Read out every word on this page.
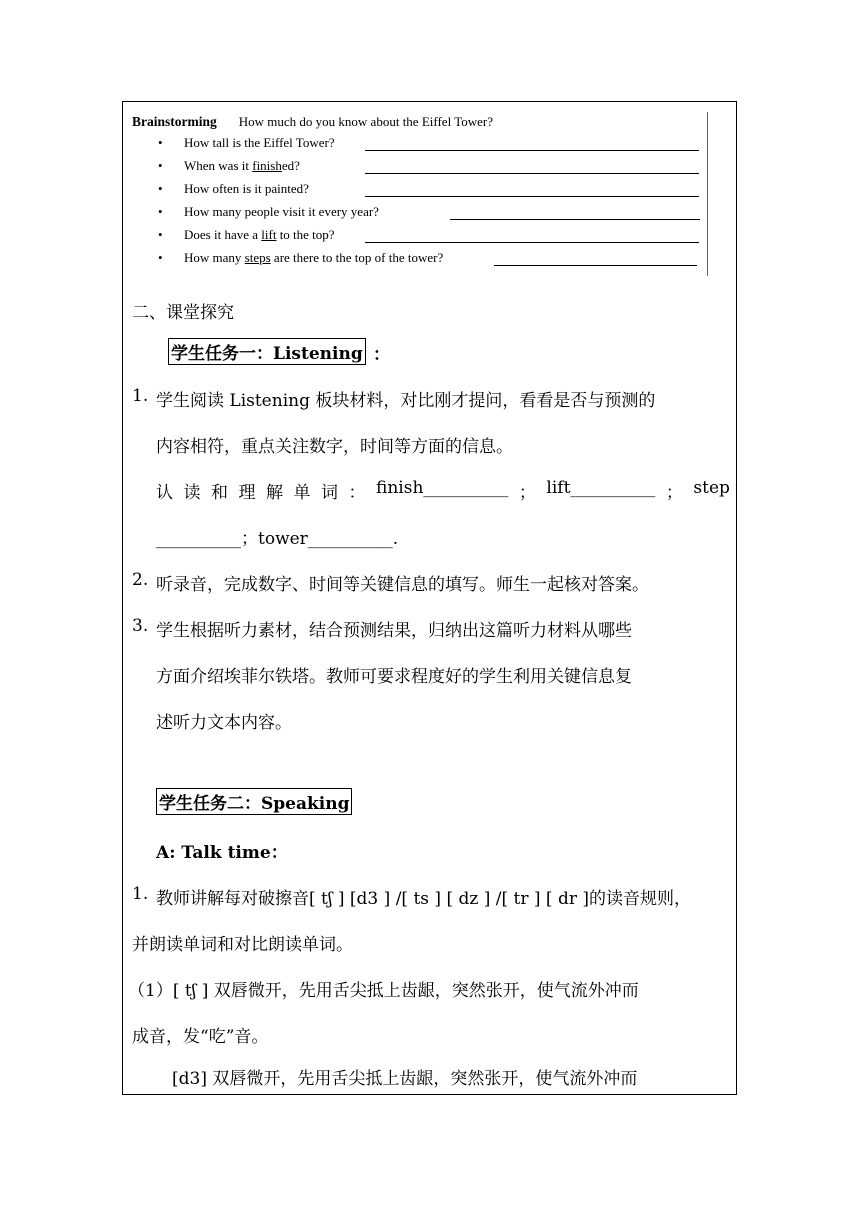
Brainstorming How much do you know about the Eiffel Tower?
• How tall is the Eiffel Tower?
• When was it finished?
• How often is it painted?
• How many people visit it every year?
• Does it have a lift to the top?
• How many steps are there to the top of the tower?
二、课堂探究
学生任务一：Listening ：
1. 学生阅读 Listening 板块材料，对比刚才提问，看看是否与预测的
内容相符，重点关注数字，时间等方面的信息。
认 读 和 理 解 单 词 ： finish__________ ； lift__________ ； step
__________；tower__________.
2. 听录音，完成数字、时间等关键信息的填写。师生一起核对答案。
3. 学生根据听力素材，结合预测结果，归纳出这篇听力材料从哪些
方面介绍埃菲尔铁塔。教师可要求程度好的学生利用关键信息复
述听力文本内容。
学生任务二：Speaking
A: Talk time：
1. 教师讲解每对破擦音[ tʃ ] [d3 ] /[ ts ] [ dz ] /[ tr ] [ dr ]的读音规则，
并朗读单词和对比朗读单词。
（1）[ tʃ ] 双唇微开，先用舌尖抵上齿龈，突然张开，使气流外冲而
成音，发“吃”音。
[d3] 双唇微开，先用舌尖抵上齿龈，突然张开，使气流外冲而
